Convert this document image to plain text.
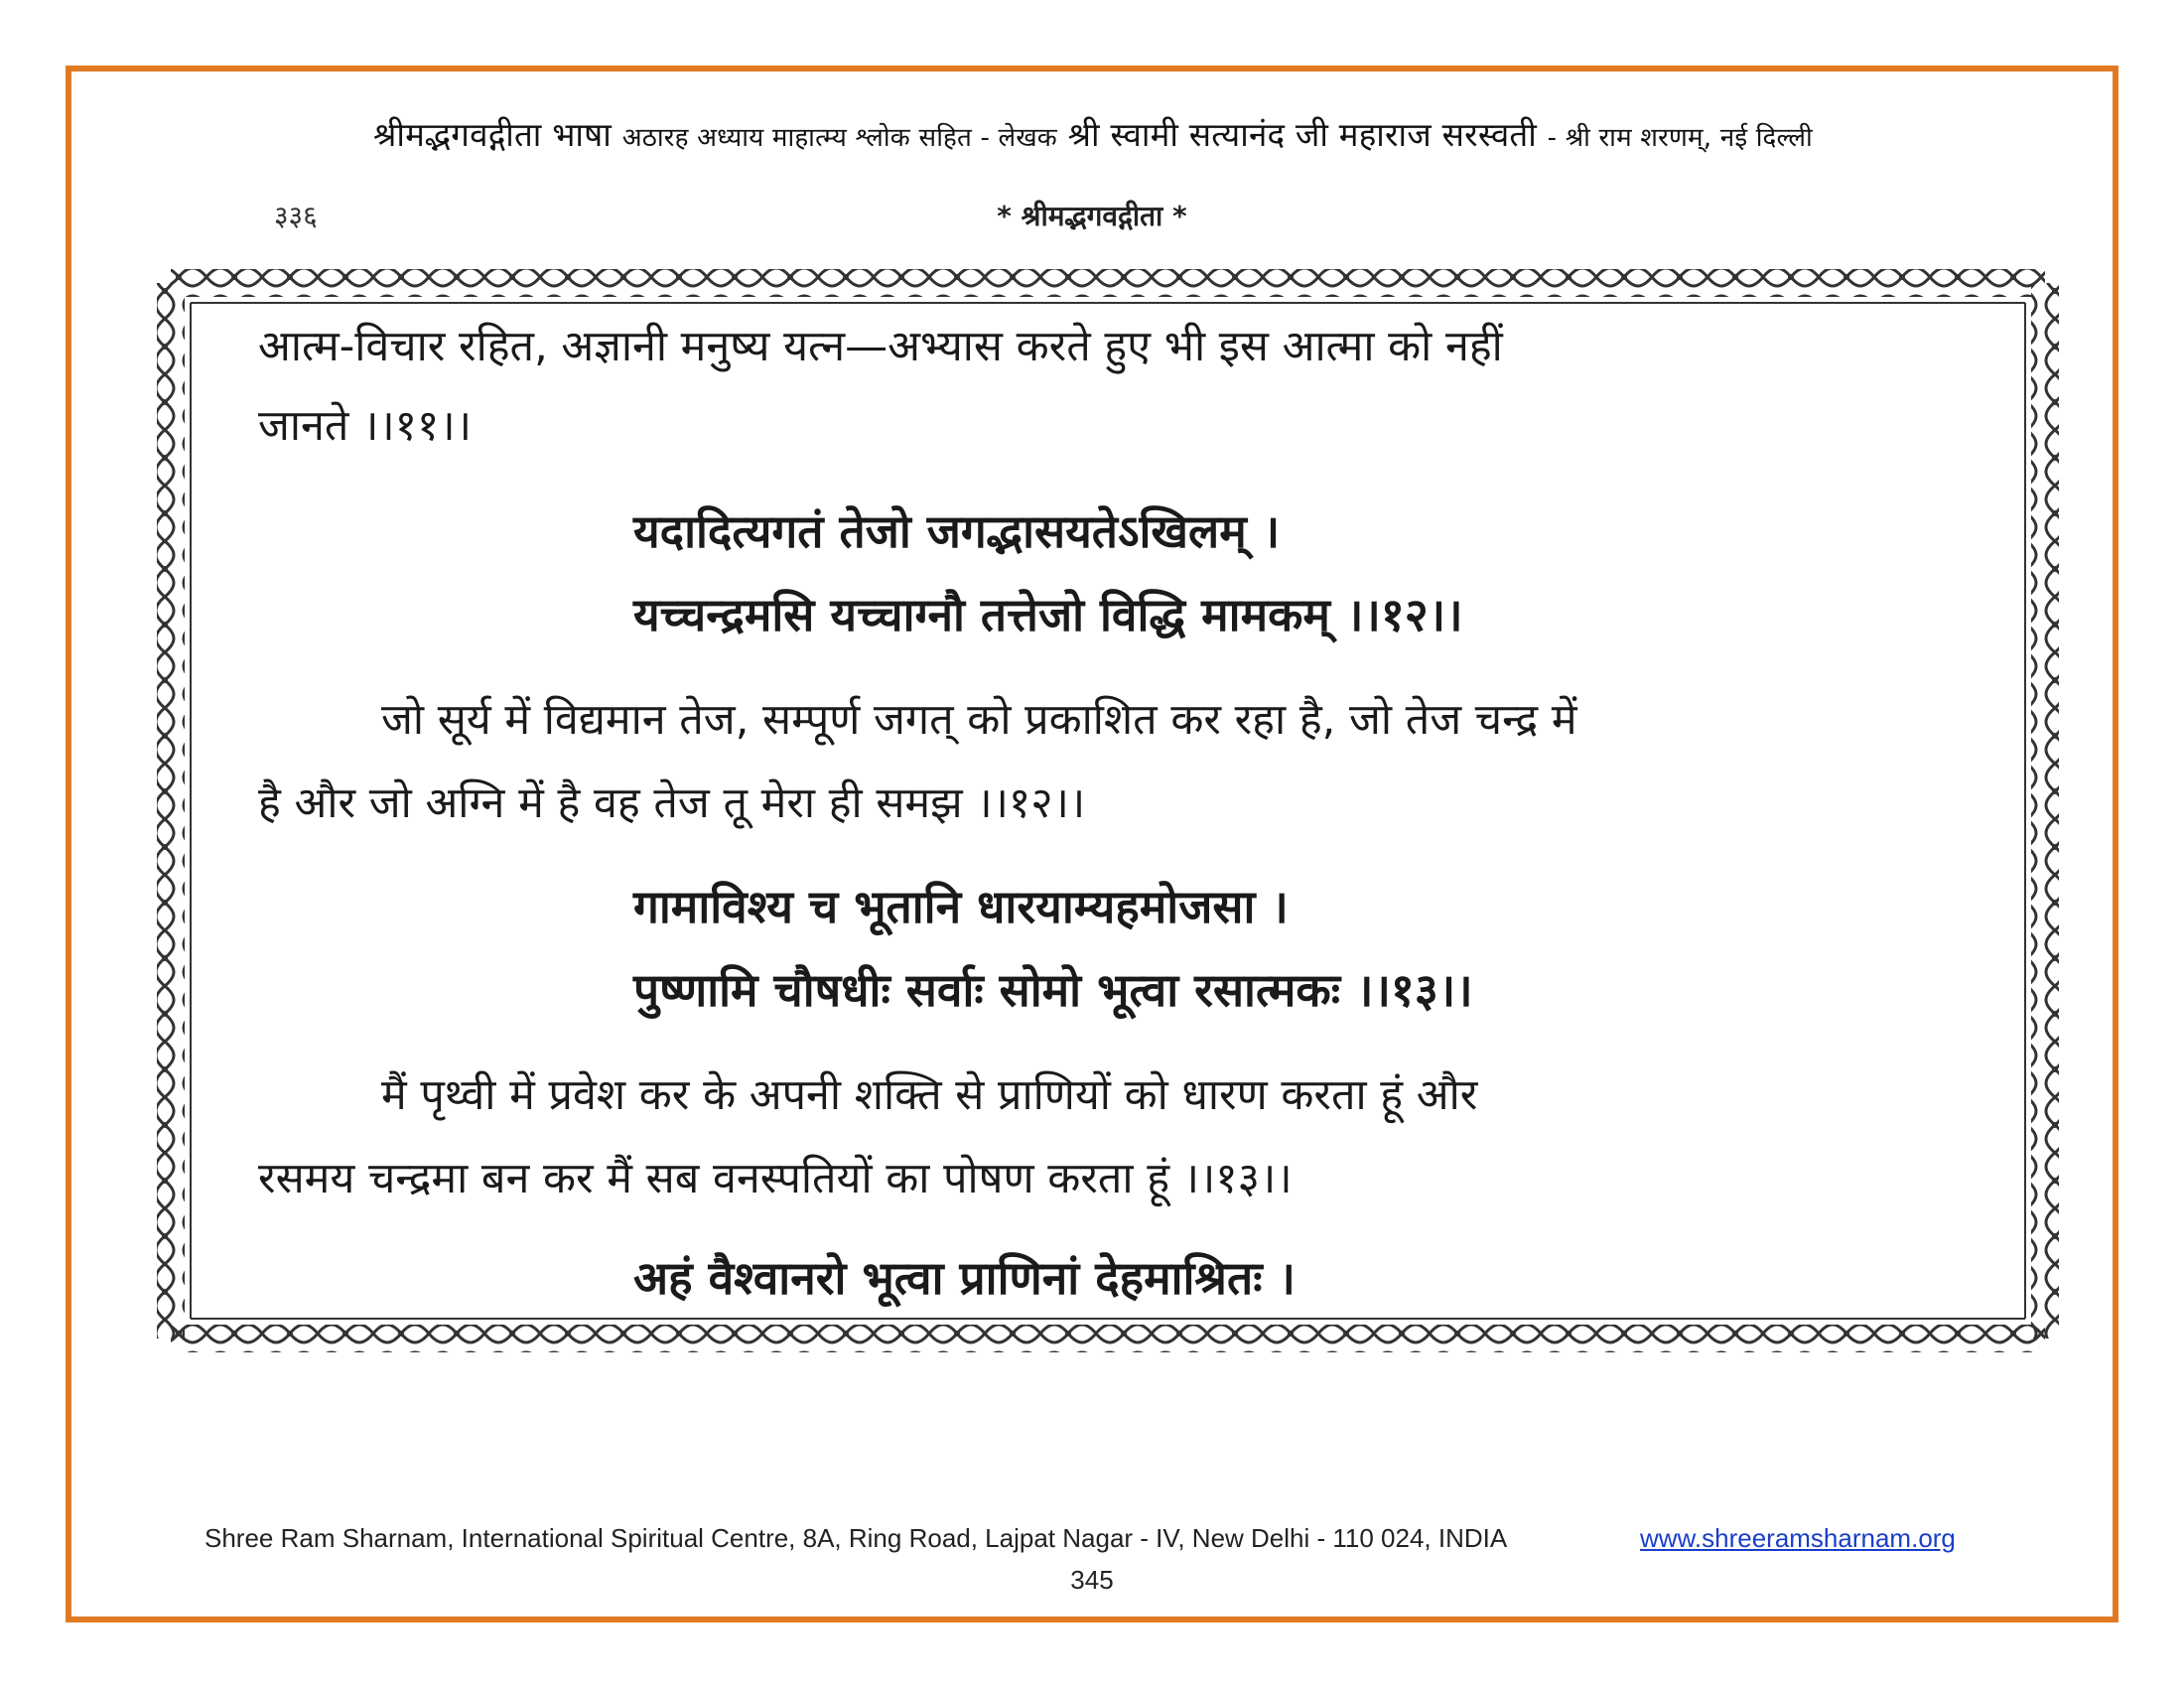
श्रीमद्भगवद्गीता भाषा अठारह अध्याय माहात्म्य श्लोक सहित - लेखक श्री स्वामी सत्यानंद जी महाराज सरस्वती - श्री राम शरणम्, नई दिल्ली
३३६	* श्रीमद्भगवद्गीता *
आत्म-विचार रहित, अज्ञानी मनुष्य यत्न—अभ्यास करते हुए भी इस आत्मा को नहीं
जानते ।।११।।
यदादित्यगतं तेजो जगद्भासयतेऽखिलम् ।
यच्चन्द्रमसि यच्चाग्नौ तत्तेजो विद्धि मामकम् ।।१२।।
जो सूर्य में विद्यमान तेज, सम्पूर्ण जगत् को प्रकाशित कर रहा है, जो तेज चन्द्र में
है और जो अग्नि में है वह तेज तू मेरा ही समझ ।।१२।।
गामाविश्य च भूतानि धारयाम्यहमोजसा ।
पुष्णामि चौषधीः सर्वाः सोमो भूत्वा रसात्मकः ।।१३।।
मैं पृथ्वी में प्रवेश कर के अपनी शक्ति से प्राणियों को धारण करता हूं और
रसमय चन्द्रमा बन कर मैं सब वनस्पतियों का पोषण करता हूं ।।१३।।
अहं वैश्वानरो भूत्वा प्राणिनां देहमाश्रितः ।
Shree Ram Sharnam, International Spiritual Centre, 8A, Ring Road, Lajpat Nagar - IV, New Delhi - 110 024, INDIA	www.shreeramsharnam.org
345
